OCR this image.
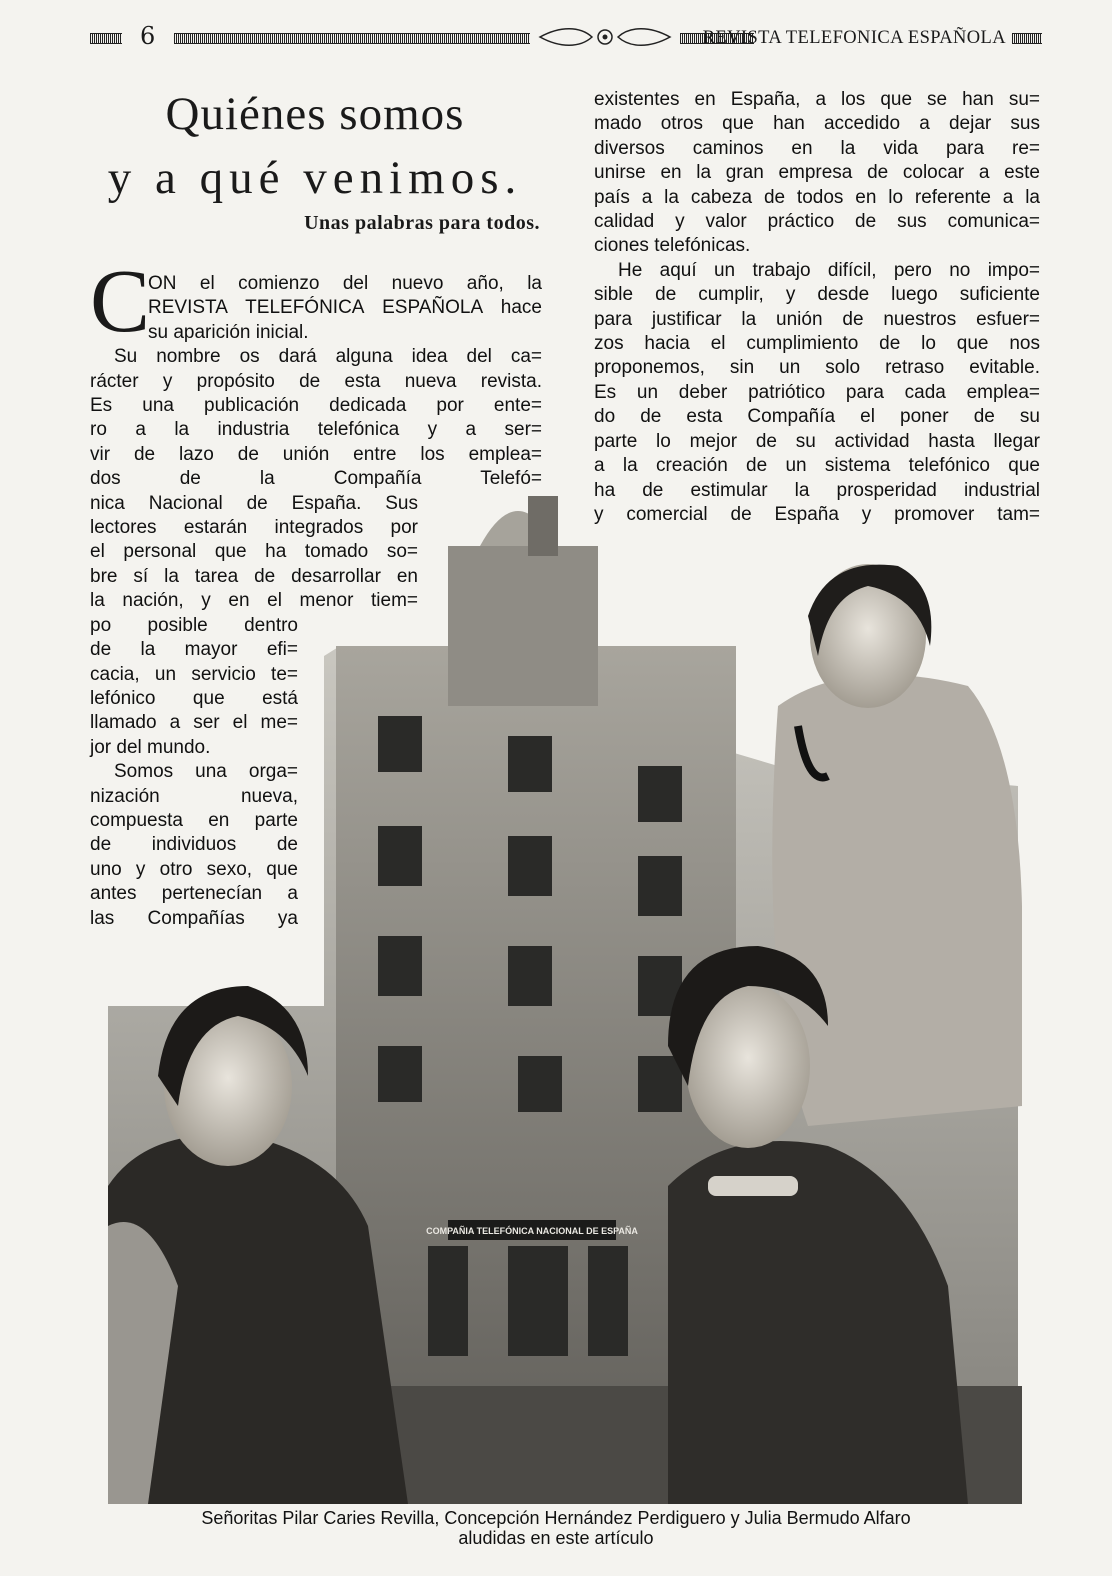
6	REVISTA TELEFONICA ESPAÑOLA
Quiénes somos
y a qué venimos.
Unas palabras para todos.
C
ON el comienzo del nuevo año, la
REVISTA TELEFÓNICA ESPAÑOLA hace
su aparición inicial.
Su nombre os dará alguna idea del ca=
rácter y propósito de esta nueva revista.
Es una publicación dedicada por ente=
ro a la industria telefónica y a ser=
vir de lazo de unión entre los emplea=
dos de la Compañía Telefó=
nica Nacional de España. Sus
lectores estarán integrados por
el personal que ha tomado so=
bre sí la tarea de desarrollar en
la nación, y en el menor tiem=
po posible dentro
de la mayor efi=
cacia, un servicio te=
lefónico que está
llamado a ser el me=
jor del mundo.
Somos una orga=
nización nueva,
compuesta en parte
de individuos de
uno y otro sexo, que
antes pertenecían a
las Compañías ya
existentes en España, a los que se han su=
mado otros que han accedido a dejar sus
diversos caminos en la vida para re=
unirse en la gran empresa de colocar a este
país a la cabeza de todos en lo referente a la
calidad y valor práctico de sus comunica=
ciones telefónicas.
He aquí un trabajo difícil, pero no impo=
sible de cumplir, y desde luego suficiente
para justificar la unión de nuestros esfuer=
zos hacia el cumplimiento de lo que nos
proponemos, sin un solo retraso evitable.
Es un deber patriótico para cada emplea=
do de esta Compañía el poner de su
parte lo mejor de su actividad hasta llegar
a la creación de un sistema telefónico que
ha de estimular la prosperidad industrial
y comercial de España y promover tam=
COMPAÑIA TELEFÓNICA NACIONAL DE ESPAÑA
Señoritas Pilar Caries Revilla, Concepción Hernández Perdiguero y Julia Bermudo Alfaro
aludidas en este artículo
